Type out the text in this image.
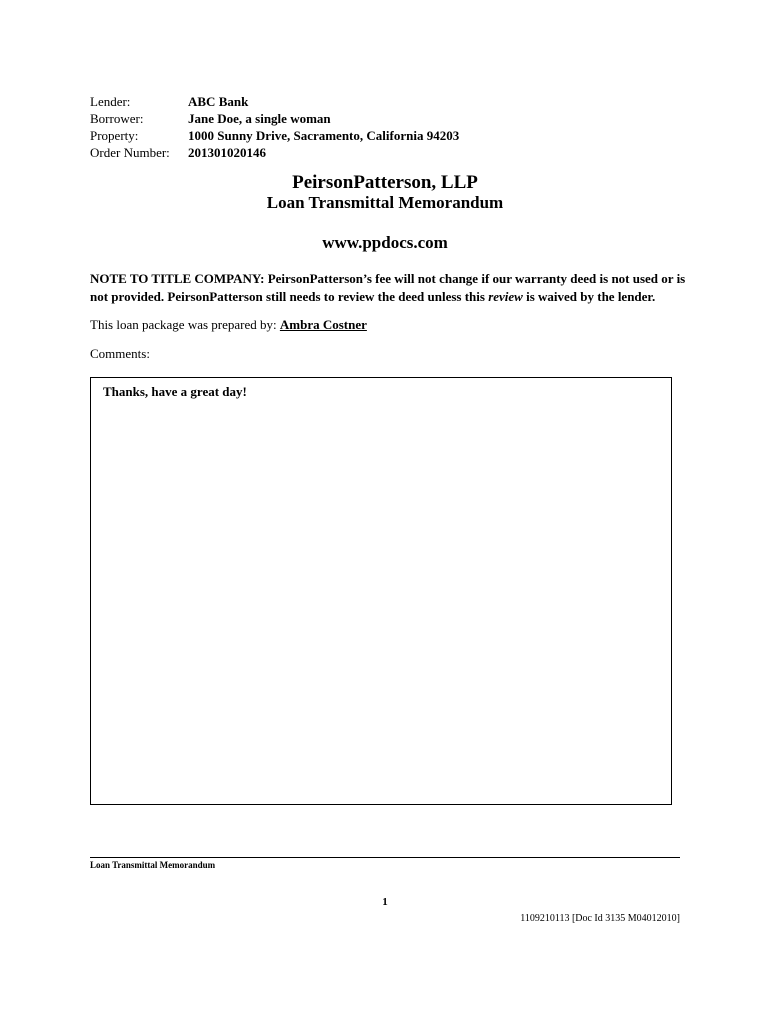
Lender:	ABC Bank
Borrower:	Jane Doe, a single woman
Property:	1000 Sunny Drive, Sacramento, California 94203
Order Number:	201301020146
PeirsonPatterson, LLP
Loan Transmittal Memorandum
www.ppdocs.com
NOTE TO TITLE COMPANY: PeirsonPatterson’s fee will not change if our warranty deed is not used or is not provided. PeirsonPatterson still needs to review the deed unless this review is waived by the lender.
This loan package was prepared by: Ambra Costner
Comments:
Thanks, have a great day!
Loan Transmittal Memorandum
1
1109210113 [Doc Id 3135 M04012010]
